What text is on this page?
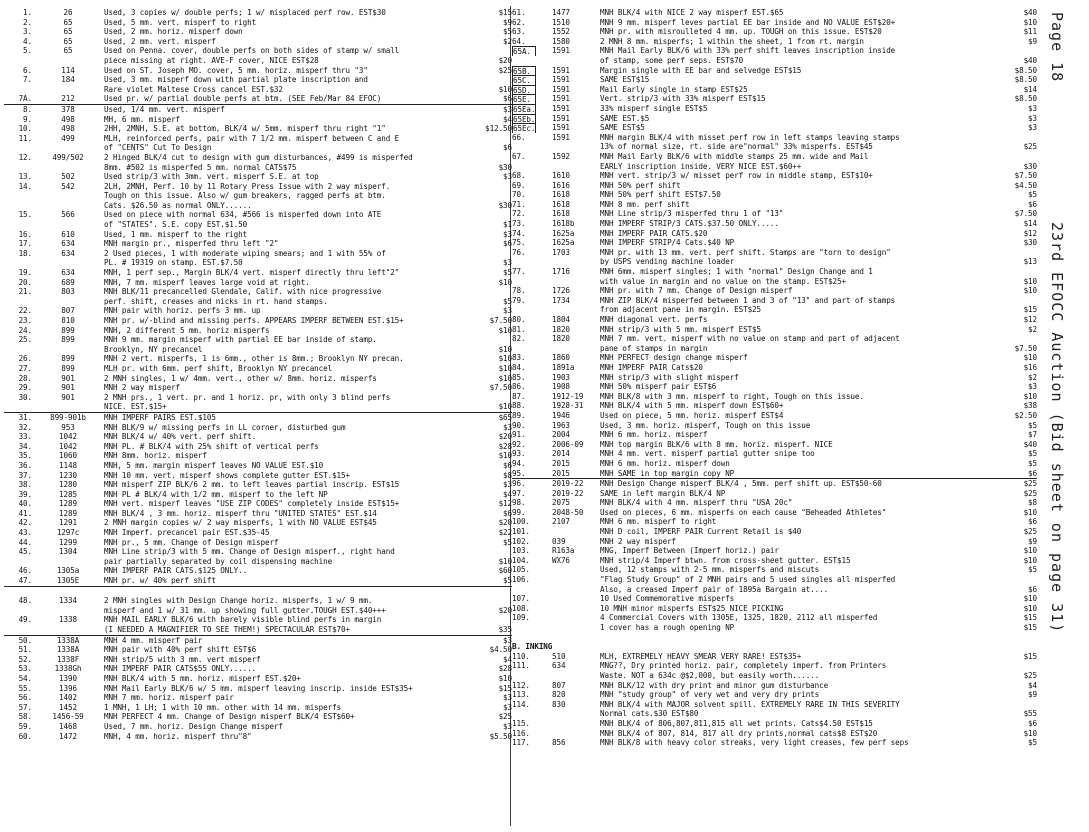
1.	26	Used, 3 copies w/ double perfs; 1 w/ misplaced perf row. EST$30	$15
2.	65	Used, 5 mm. vert. misperf to right	$9
3.	65	Used, 2 mm. horiz. misperf down	$5
4.	65	Used, 2 mm. vert. misperf	$2
5.	65	Used on Penna. cover, double perfs on both sides of stamp w/ small
piece missing at right. AVE-F cover, NICE EST$28	$20
6.	114	Used on ST. Joseph MO. cover, 5 mm. horiz. misperf thru "3"	$25
7.	184	Used, 3 mm. misperf down with partial plate inscription and
Rare violet Maltese Cross cancel EST.$32	$10
7A.	212	Used pr. w/ partial double perfs at btm. (SEE Feb/Mar 84 EFOC)	$6
8.	378	Used, 1/4 mm. vert. misperf	$3
9.	498	MH, 6 mm. misperf	$4
10.	498	2HH, 2MNH, S.E. at bottom, BLK/4 w/ 5mm. misperf thru right "1"	$12.50
11.	499	MLH, reinforced perfs, pair with 7 1/2 mm. misperf between C and E
of "CENTS" Cut To Design	$6
12.	499/502	2 Hinged BLK/4 cut to design with gum disturbances, #499 is misperfed
8mm. #502 is misperfed 5 mm. normal CATS$75	$30
13.	502	Used strip/3 with 3mm. vert. misperf S.E. at top	$3
14.	542	2LH, 2MNH, Perf. 10 by 11 Rotary Press Issue with 2 way misperf.
Tough on this issue. Also w/ gum breakers, ragged perfs at btm.
Cats. $26.50 as normal ONLY......	$30
15.	566	Used on piece with normal 634, #566 is misperfed down into ATE
of "STATES". S.E. copy EST.$1.50	$1
16.	610	Used, 1 mm. misperf to the right	$3
17.	634	MNH margin pr., misperfed thru left "2"	$6
18.	634	2 Used pieces, 1 with moderate wiping smears; and 1 with 55% of
PL. # 19319 on stamp. EST.$7.50	$3
19.	634	MNH, 1 perf sep., Margin BLK/4 vert. misperf directly thru left"2"	$5
20.	689	MNH, 7 mm. misperf leaves large void at right.	$10
21.	803	MNH BLK/11 precancelled Glendale, Calif. with nice progressive
perf. shift, creases and nicks in rt. hand stamps.	$5
22.	807	MNH pair with horiz. perfs 3 mm. up	$3
23.	810	MNH pr. w/-blind and missing perfs. APPEARS IMPERF BETWEEN EST.$15+	$7.50
24.	899	MNH, 2 different 5 mm. horiz misperfs	$10
25.	899	MNH 9 mm. margin misperf with partial EE bar inside of stamp.
Brooklyn, NY precancel	$10
26.	899	MNH 2 vert. misperfs, 1 is 6mm., other is 8mm.; Brooklyn NY precan.	$10
27.	899	MLH pr. with 6mm. perf shift, Brooklyn NY precancel	$10
28.	901	2 MNH singles, 1 w/ 4mm. vert., other w/ 8mm. horiz. misperfs	$10
29.	901	MNH 2 way misperf	$7.50
30.	901	2 MNH prs., 1 vert. pr. and 1 horiz. pr, with only 3 blind perfs
NICE. EST.$15+	$10
31.	899-901b	MNH IMPERF PAIRS EST.$105	$65
32.	953	MNH BLK/9 w/ missing perfs in LL corner, disturbed gum	$3
33.	1042	MNH BLK/4 w/ 40% vert. perf shift.	$20
34.	1042	MNH PL. # BLK/4 with 25% shift of vertical perfs	$28
35.	1060	MNH 8mm. horiz. misperf	$10
36.	1148	MNH, 5 mm. margin misperf leaves NO VALUE EST.$10	$6
37.	1230	MNH 10 mm. vert. misperf shows complete gutter EST.$15+	$8
38.	1280	MNH misperf ZIP BLK/6 2 mm. to left leaves partial inscrip. EST$15	$3
39.	1285	MNH PL # BLK/4 with 1/2 mm. misperf to the left NP	$4
40.	1289	MNH vert. misperf leaves "USE ZIP CODES" completely inside EST$15+	$12
41.	1289	MNH BLK/4 , 3 mm. horiz. misperf thru "UNITED STATES" EST.$14	$6
42.	1291	2 MNH margin copies w/ 2 way misperfs, 1 with NO VALUE EST$45	$20
43.	1297c	MNH Imperf. precancel pair EST.$35-45	$22
44.	1299	MNH pr., 5 mm. Change of Design misperf	$5
45.	1304	MNH Line strip/3 with 5 mm. Change of Design misperf., right hand
pair partially separated by coil dispensing machine	$10
46.	1305a	MNH IMPERF PAIR CATS.$125 ONLY..	$60
47.	1305E	MNH pr. w/ 40% perf shift	$5
48.	1334	2 MNH singles with Design Change horiz. misperfs, 1 w/ 9 mm.
misperf and 1 w/ 31 mm. up showing full gutter.TOUGH EST.$40+++	$20
49.	1338	MNH MAIL EARLY BLK/6 with barely visible blind perfs in margin
(I NEEDED A MAGNIFIER TO SEE THEM!) SPECTACULAR EST$70+	$35
50.	1338A	MNH 4 mm. misperf pair	$3
51.	1338A	MNH pair with 40% perf shift EST$6	$4.50
52.	1338F	MNH strip/5 with 3 mm. vert misperf	$4
53.	1338Gh	MNH IMPERF PAIR CATS$55 ONLY......	$28
54.	1390	MNH BLK/4 with 5 mm. horiz. misperf EST.$20+	$10
55.	1396	MNH Mail Early BLK/6 w/ 5 mm. misperf leaving inscrip. inside EST$35+	$15
56.	1402	MNH 7 mm. horiz. misperf pair	$3
57.	1452	1 MNH, 1 LH; 1 with 10 mm. other with 14 mm. misperfs	$3
58.	1456-59	MNH PERFECT 4 mm. Change of Design misperf BLK/4 EST$60+	$25
59.	1468	Used, 7 mm. horiz. Design Change misperf	$3
60.	1472	MNH, 4 mm. horiz. misperf thru"8"	$5.50
61.	1477	MNH BLK/4 with NICE 2 way misperf EST.$65	$40
62.	1510	MNH 9 mm. misperf leves partial EE bar inside and NO VALUE EST$20+	$10
63.	1552	MNH pr. with misroulleted 4 mm. up. TOUGH on this issue. EST$20	$11
64.	1580	2 MNH 8 mm. misperfs; 1 within the sheet, 1 from rt. margin	$9
65A.	1591	MNH Mail Early BLK/6 with 33% perf shift leaves inscription inside
of stamp, some perf seps. EST$70	$40
65B.	1591	Margin single with EE bar and selvedge EST$15	$8.50
65C.	1591	SAME EST$15	$8.50
65D.	1591	Mail Early single in stamp EST$25	$14
65E.	1591	Vert. strip/3 with 33% misperf EST$15	$8.50
65Ea. 1591	33% misperf single EST$5	$3
65Eb. 1591	SAME EST.$5	$3
65Ec. 1591	SAME EST$5	$3
66.	1591	MNH margin BLK/4 with misset perf row in left stamps leaving stamps
13% of normal size, rt. side are"normal" 33% misperfs. EST$45	$25
67.	1592	MNH Mail Early BLK/6 with middle stamps 25 mm. wide and Mail
EARLY inscription inside. VERY NICE EST.$60++	$30
68.	1610	MNH vert. strip/3 w/ misset perf row in middle stamp, EST$10+	$7.50
69.	1616	MNH 50% perf shift	$4.50
70.	1618	MNH 50% perf shift EST$7.50	$5
71.	1618	MNH 8 mm. perf shift	$6
72.	1618	MNH Line strip/3 misperfed thru 1 of "13"	$7.50
73.	1618b	MNH IMPERF STRIP/3 CATS.$37.50 ONLY.....	$14
74.	1625a	MNH IMPERF PAIR CATS.$20	$12
75.	1625a	MNH IMPERF STRIP/4 Cats.$40 NP	$30
76.	1703	MNH pr. with 13 mm. vert. perf shift. Stamps are "torn to design"
by USPS vending machine loader	$13
77.	1716	MNH 6mm. misperf singles; 1 with "normal" Design Change and 1
with value in margin and no value on the stamp. EST$25+	$10
78.	1726	MNH pr. with 7 mm. Change of Design misperf	$10
79.	1734	MNH ZIP BLK/4 misperfed between 1 and 3 of "13" and part of stamps
from adjacent pane in margin. EST$25	$15
80.	1804	MNH diagonal vert. perfs	$12
81.	1820	MNH strip/3 with 5 mm. misperf EST$5	$2
82.	1820	MNH 7 mm. vert. misperf with no value on stamp and part of adjacent
pane of stamps in margin	$7.50
83.	1860	MNH PERFECT design change misperf	$10
84.	1891a	MNH IMPERF PAIR Cats$20	$16
85.	1903	MNH strip/3 with slight misperf	$2
86.	1908	MNH 50% misperf pair EST$6	$3
87.	1912-19	MNH BLK/8 with 3 mm. misperf to right, Tough on this issue.	$10
88.	1928-31	MNH BLK/4 with 5 mm. misperf down EST$60+	$38
89.	1946	Used on piece, 5 mm. horiz. misperf EST$4	$2.50
90.	1963	Used, 3 mm. horiz. misperf, Tough on this issue	$5
91.	2004	MNH 6 mm. horiz. misperf	$7
92.	2006-09	MNH top margin BLK/6 with 8 mm. horiz. misperf. NICE	$40
93.	2014	MNH 4 mm. vert. misperf partial gutter snipe too	$5
94.	2015	MNH 6 mm. horiz. misperf down	$5
95.	2015	MNH SAME in top margin copy NP	$6
96.	2019-22	MNH Design Change misperf BLK/4 , 5mm. perf shift up. EST$50-60	$25
97.	2019-22	SAME in left margin BLK/4 NP	$25
98.	2075	MNH BLK/4 with 4 mm. misperf thru "USA 20c"	$8
99.	2048-50	Used on pieces, 6 mm. misperfs on each cause "Beheaded Athletes"	$10
100.	2107	MNH 6 mm. misperf to right	$6
101.	MNH D coil, IMPERF PAIR Current Retail is $40	$25
102.	039	MNH 2 way misperf	$9
103.	R163a	MNG, Imperf Between (Imperf horiz.) pair	$10
104.	WX76	MNH strip/4 Imperf btwn. from cross-sheet gutter. EST$15	$10
105.	Used, 12 stamps with 2-5 mm. misperfs and miscuts	$5
106.	"Flag Study Group" of 2 MNH pairs and 5 used singles all misperfed
Also, a creased Imperf pair of 1895a Bargain at....	$6
107.	10 Used Commemorative misperfs	$10
108.	10 MNH minor misperfs EST$25 NICE PICKING	$10
109.	4 Commercial Covers with 1305E, 1325, 1820, 2112 all misperfed	$15
1 cover has a rough opening NP	$15
B. INKING
110.	510	MLH, EXTREMELY HEAVY SMEAR VERY RARE! EST$35+	$15
111.	634	MNG??, Dry printed horiz. pair, completely imperf. from Printers
Waste. NOT a 634c @$2,000, but easily worth......	$25
112.	807	MNH BLK/12 with dry print and minor gum disturbance	$4
113.	820	MNH "study group" of very wet and very dry prints	$9
114.	830	MNH BLK/4 with MAJOR solvent spill. EXTREMELY RARE IN THIS SEVERITY
Normal cats.$30 EST$80	$55
115.	MNH BLK/4 of 806,807,811,815 all wet prints. Cats$4.50 EST$15	$6
116.	MNH BLK/4 of 807, 814, 817 all dry prints,normal cats$8 EST$20	$10
117.	856	MNH BLK/8 with heavy color streaks, very light creases, few perf seps	$5
Page 18
23rd EFOCC Auction (Bid sheet on page 31)
